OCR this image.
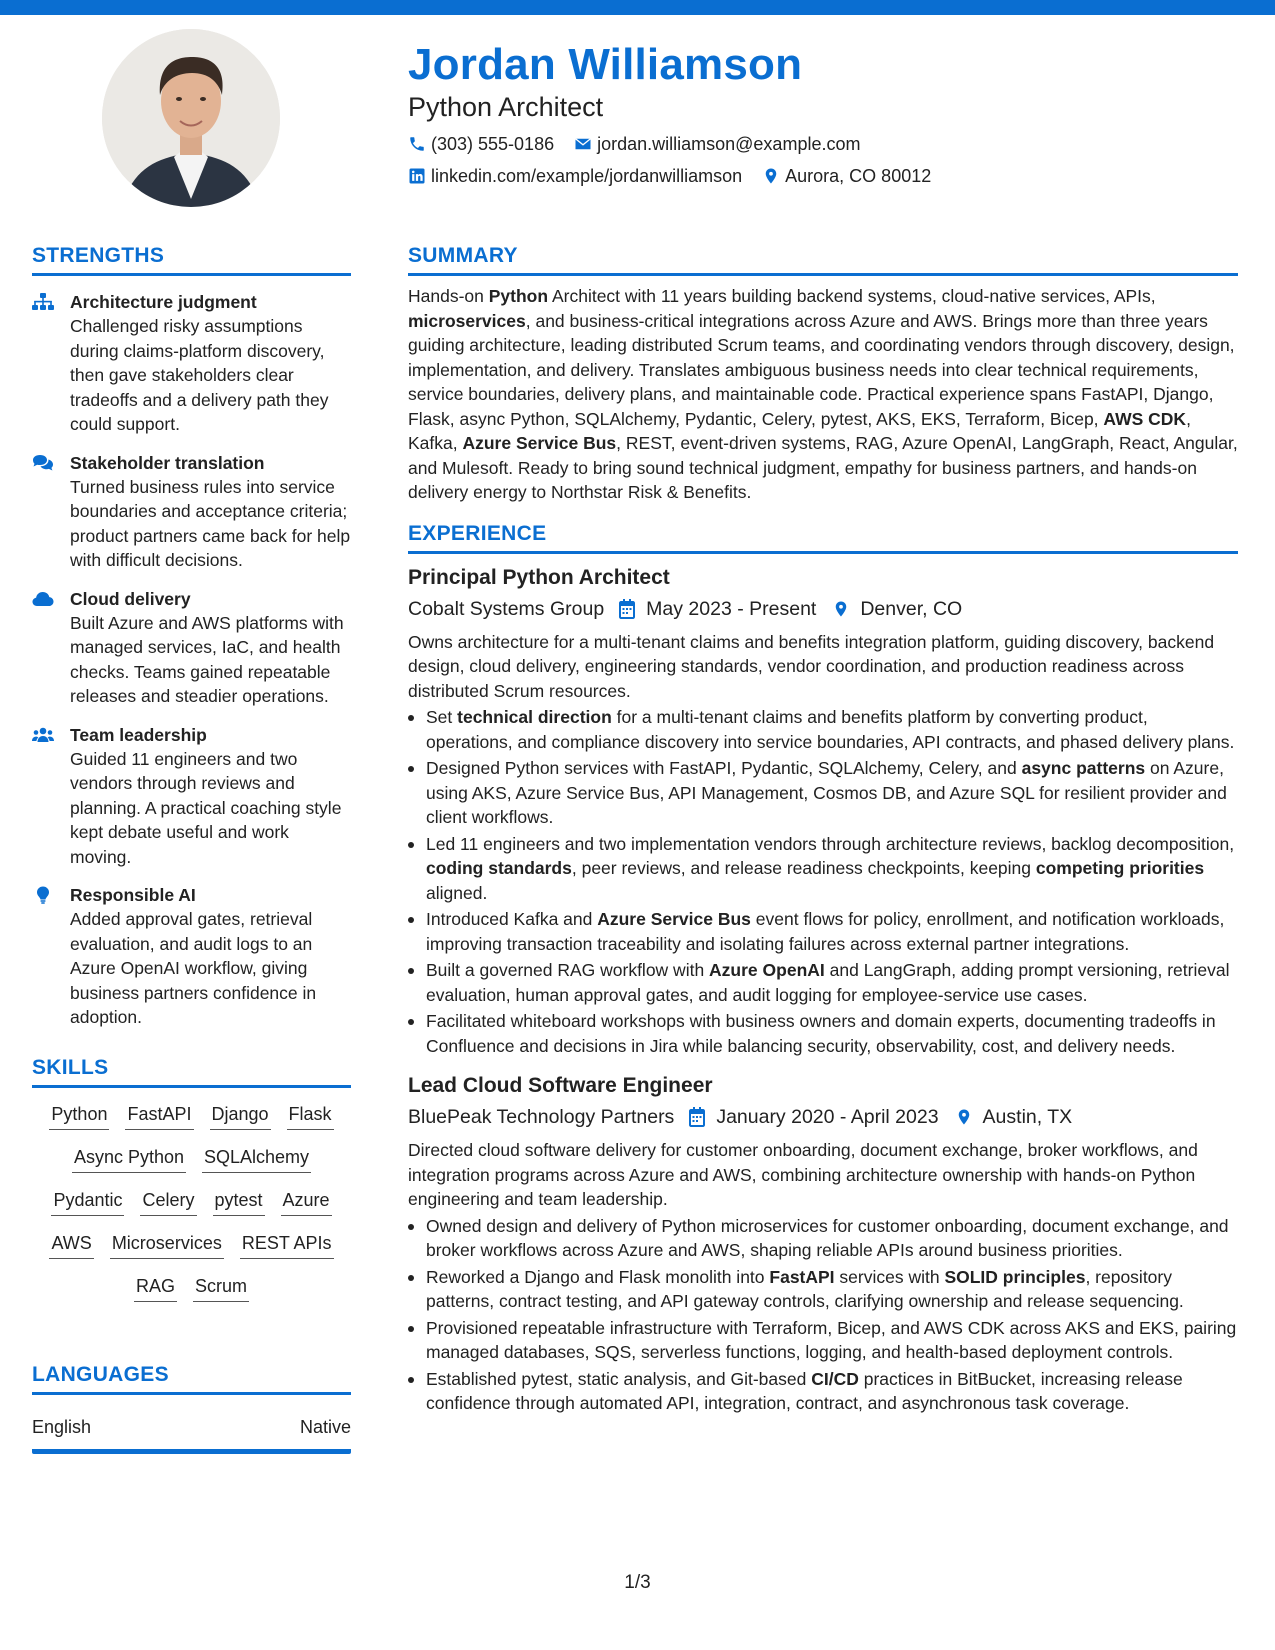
Jordan Williamson
Python Architect
(303) 555-0186 jordan.williamson@example.com
linkedin.com/example/jordanwilliamson Aurora, CO 80012
STRENGTHS
Architecture judgment
Challenged risky assumptions during claims-platform discovery, then gave stakeholders clear tradeoffs and a delivery path they could support.
Stakeholder translation
Turned business rules into service boundaries and acceptance criteria; product partners came back for help with difficult decisions.
Cloud delivery
Built Azure and AWS platforms with managed services, IaC, and health checks. Teams gained repeatable releases and steadier operations.
Team leadership
Guided 11 engineers and two vendors through reviews and planning. A practical coaching style kept debate useful and work moving.
Responsible AI
Added approval gates, retrieval evaluation, and audit logs to an Azure OpenAI workflow, giving business partners confidence in adoption.
SKILLS
Python FastAPI Django Flask
Async Python SQLAlchemy
Pydantic Celery pytest Azure
AWS Microservices REST APIs
RAG Scrum
LANGUAGES
English	Native
SUMMARY
Hands-on Python Architect with 11 years building backend systems, cloud-native services, APIs, microservices, and business-critical integrations across Azure and AWS. Brings more than three years guiding architecture, leading distributed Scrum teams, and coordinating vendors through discovery, design, implementation, and delivery. Translates ambiguous business needs into clear technical requirements, service boundaries, delivery plans, and maintainable code. Practical experience spans FastAPI, Django, Flask, async Python, SQLAlchemy, Pydantic, Celery, pytest, AKS, EKS, Terraform, Bicep, AWS CDK, Kafka, Azure Service Bus, REST, event-driven systems, RAG, Azure OpenAI, LangGraph, React, Angular, and Mulesoft. Ready to bring sound technical judgment, empathy for business partners, and hands-on delivery energy to Northstar Risk & Benefits.
EXPERIENCE
Principal Python Architect
Cobalt Systems Group May 2023 - Present Denver, CO
Owns architecture for a multi-tenant claims and benefits integration platform, guiding discovery, backend design, cloud delivery, engineering standards, vendor coordination, and production readiness across distributed Scrum resources.
Set technical direction for a multi-tenant claims and benefits platform by converting product, operations, and compliance discovery into service boundaries, API contracts, and phased delivery plans.
Designed Python services with FastAPI, Pydantic, SQLAlchemy, Celery, and async patterns on Azure, using AKS, Azure Service Bus, API Management, Cosmos DB, and Azure SQL for resilient provider and client workflows.
Led 11 engineers and two implementation vendors through architecture reviews, backlog decomposition, coding standards, peer reviews, and release readiness checkpoints, keeping competing priorities aligned.
Introduced Kafka and Azure Service Bus event flows for policy, enrollment, and notification workloads, improving transaction traceability and isolating failures across external partner integrations.
Built a governed RAG workflow with Azure OpenAI and LangGraph, adding prompt versioning, retrieval evaluation, human approval gates, and audit logging for employee-service use cases.
Facilitated whiteboard workshops with business owners and domain experts, documenting tradeoffs in Confluence and decisions in Jira while balancing security, observability, cost, and delivery needs.
Lead Cloud Software Engineer
BluePeak Technology Partners January 2020 - April 2023 Austin, TX
Directed cloud software delivery for customer onboarding, document exchange, broker workflows, and integration programs across Azure and AWS, combining architecture ownership with hands-on Python engineering and team leadership.
Owned design and delivery of Python microservices for customer onboarding, document exchange, and broker workflows across Azure and AWS, shaping reliable APIs around business priorities.
Reworked a Django and Flask monolith into FastAPI services with SOLID principles, repository patterns, contract testing, and API gateway controls, clarifying ownership and release sequencing.
Provisioned repeatable infrastructure with Terraform, Bicep, and AWS CDK across AKS and EKS, pairing managed databases, SQS, serverless functions, logging, and health-based deployment controls.
Established pytest, static analysis, and Git-based CI/CD practices in BitBucket, increasing release confidence through automated API, integration, contract, and asynchronous task coverage.
1/3
